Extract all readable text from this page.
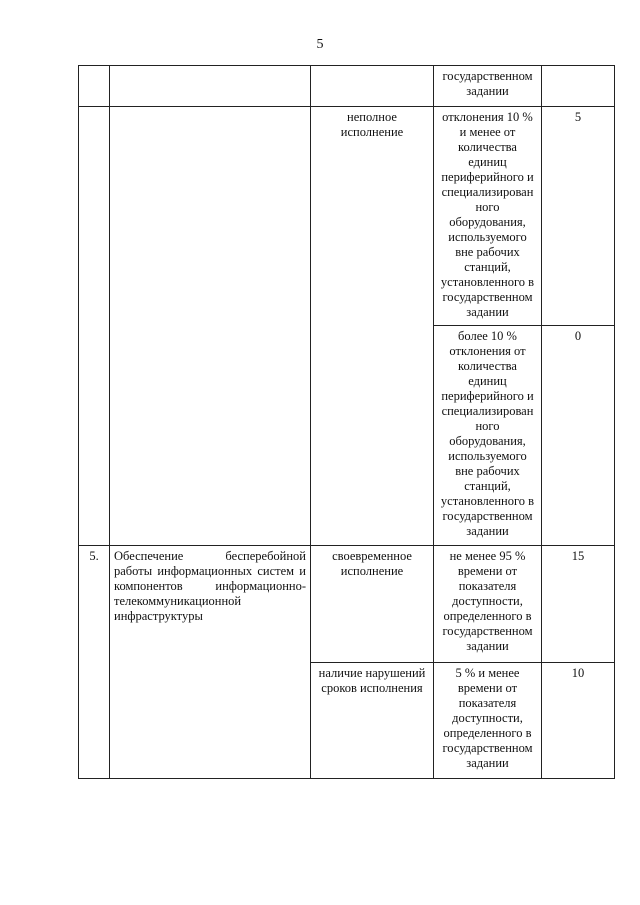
5
			государственном задании	
		неполное исполнение	отклонения 10 % и менее от количества единиц периферийного и специализирован ного оборудования, используемого вне рабочих станций, установленного в государственном задании	5
			более 10 % отклонения от количества единиц периферийного и специализирован ного оборудования, используемого вне рабочих станций, установленного в государственном задании	0
5.	Обеспечение бесперебойной
работы информационных систем и
компонентов информационно-
телекоммуникационной
инфраструктуры	своевременное исполнение	не менее 95 % времени от показателя доступности, определенного в государственном задании	15
		наличие нарушений сроков исполнения	5 % и менее времени от показателя доступности, определенного в государственном задании	10
